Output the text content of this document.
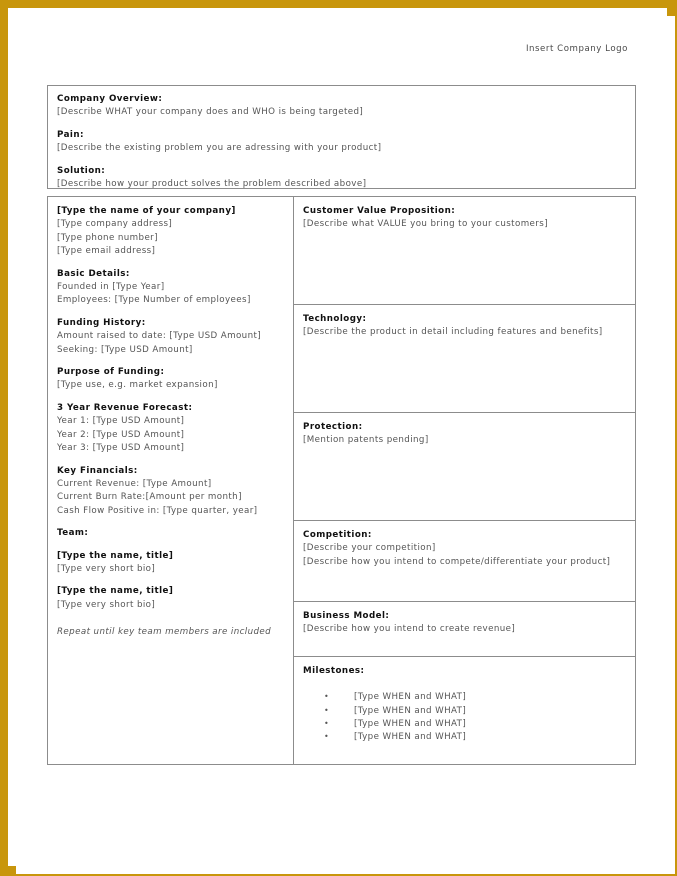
Insert Company Logo
Company Overview:
[Describe WHAT your company does and WHO is being targeted]
Pain:
[Describe the existing problem you are adressing with your product]
Solution:
[Describe how your product solves the problem described above]
[Type the name of your company]
[Type company address]
[Type phone number]
[Type email address]
Basic Details:
Founded in [Type Year]
Employees: [Type Number of employees]
Funding History:
Amount raised to date: [Type USD Amount]
Seeking: [Type USD Amount]
Purpose of Funding:
[Type use, e.g. market expansion]
3 Year Revenue Forecast:
Year 1: [Type USD Amount]
Year 2: [Type USD Amount]
Year 3: [Type USD Amount]
Key Financials:
Current Revenue: [Type Amount]
Current Burn Rate:[Amount per month]
Cash Flow Positive in: [Type quarter, year]
Team:
[Type the name, title]
[Type very short bio]
[Type the name, title]
[Type very short bio]
Repeat until key team members are included
Customer Value Proposition:
[Describe what VALUE you bring to your customers]
Technology:
[Describe the product in detail including features and benefits]
Protection:
[Mention patents pending]
Competition:
[Describe your competition]
[Describe how you intend to compete/differentiate your product]
Business Model:
[Describe how you intend to create revenue]
Milestones:
• [Type WHEN and WHAT]
• [Type WHEN and WHAT]
• [Type WHEN and WHAT]
• [Type WHEN and WHAT]
